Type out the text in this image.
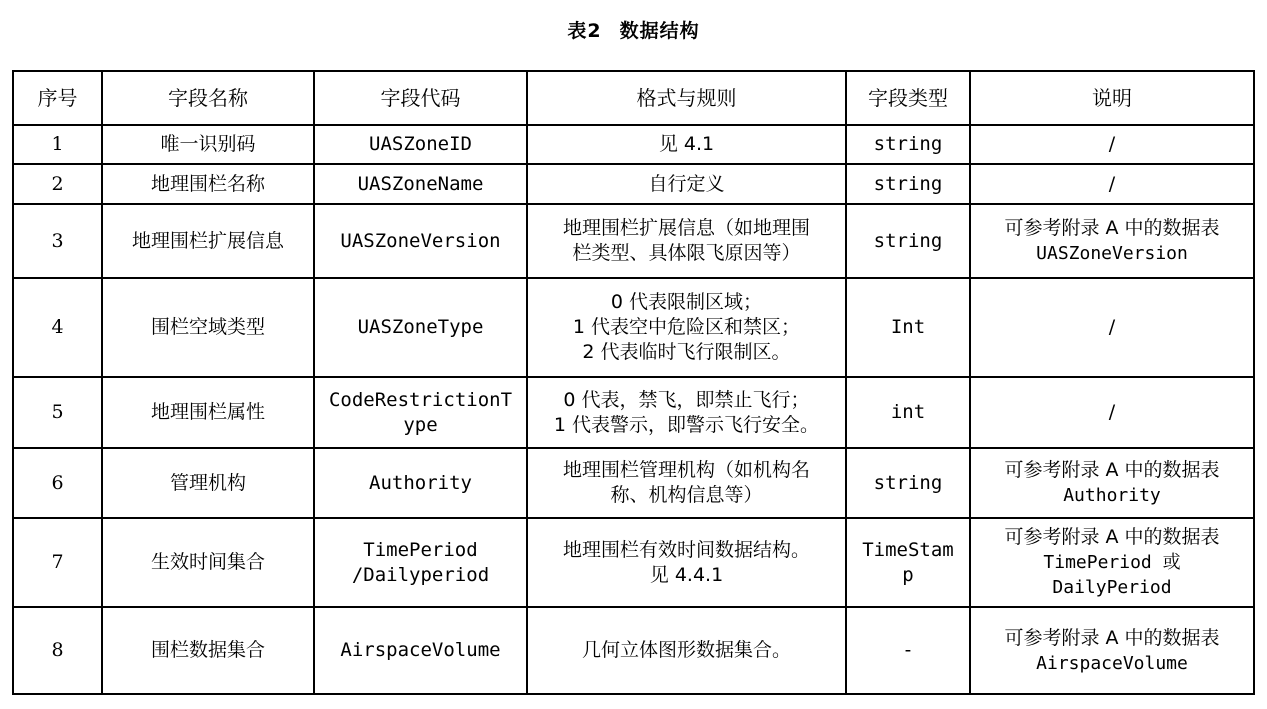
表2 数据结构
序号	字段名称	字段代码	格式与规则	字段类型	说明
1	唯一识别码	UASZoneID	见 4.1	string	/

2	地理围栏名称	UASZoneName	自行定义	string	/

3	地理围栏扩展信息	UASZoneVersion	地理围栏扩展信息（如地理围
栏类型、具体限飞原因等）	string	可参考附录 A 中的数据表
UASZoneVersion

4	围栏空域类型	UASZoneType	0 代表限制区域；
1 代表空中危险区和禁区；
2 代表临时飞行限制区。	Int	/

5	地理围栏属性	CodeRestrictionT
ype	0 代表，禁飞，即禁止飞行；
1 代表警示，即警示飞行安全。	int	/

6	管理机构	Authority	地理围栏管理机构（如机构名
称、机构信息等）	string	可参考附录 A 中的数据表
Authority

7	生效时间集合	TimePeriod
/Dailyperiod	地理围栏有效时间数据结构。
见 4.4.1	TimeStam
p	可参考附录 A 中的数据表
TimePeriod 或
DailyPeriod

8	围栏数据集合	AirspaceVolume	几何立体图形数据集合。	-	可参考附录 A 中的数据表
AirspaceVolume
